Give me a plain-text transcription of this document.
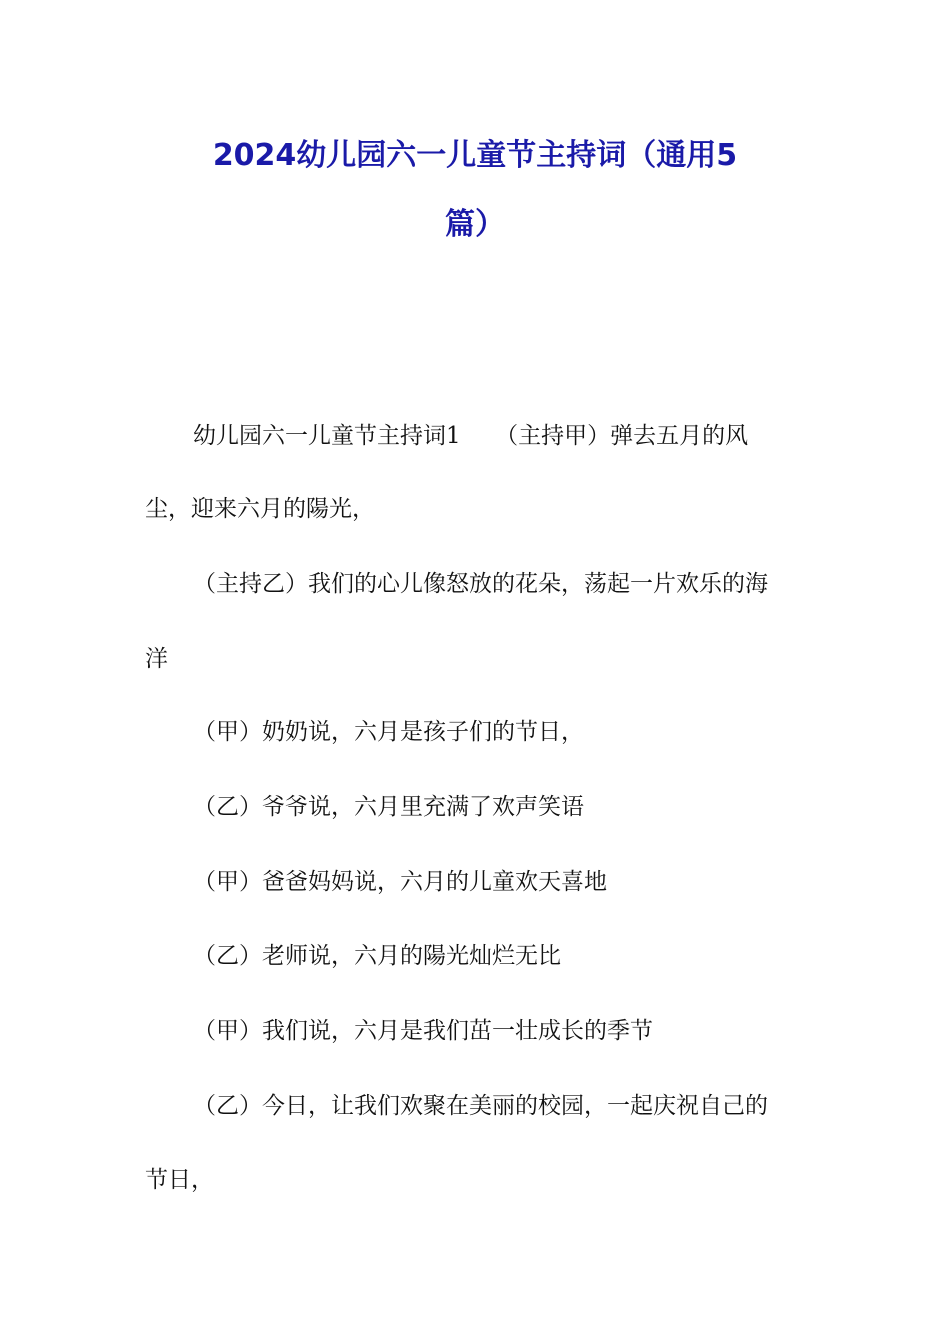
2024幼儿园六一儿童节主持词（通用5
篇）

幼儿园六一儿童节主持词1　　（主持甲）弹去五月的风

尘，迎来六月的陽光，

（主持乙）我们的心儿像怒放的花朵，荡起一片欢乐的海

洋

（甲）奶奶说，六月是孩子们的节日，

（乙）爷爷说，六月里充满了欢声笑语

（甲）爸爸妈妈说，六月的儿童欢天喜地

（乙）老师说，六月的陽光灿烂无比

（甲）我们说，六月是我们茁一壮成长的季节

（乙）今日，让我们欢聚在美丽的校园，一起庆祝自己的

节日，
